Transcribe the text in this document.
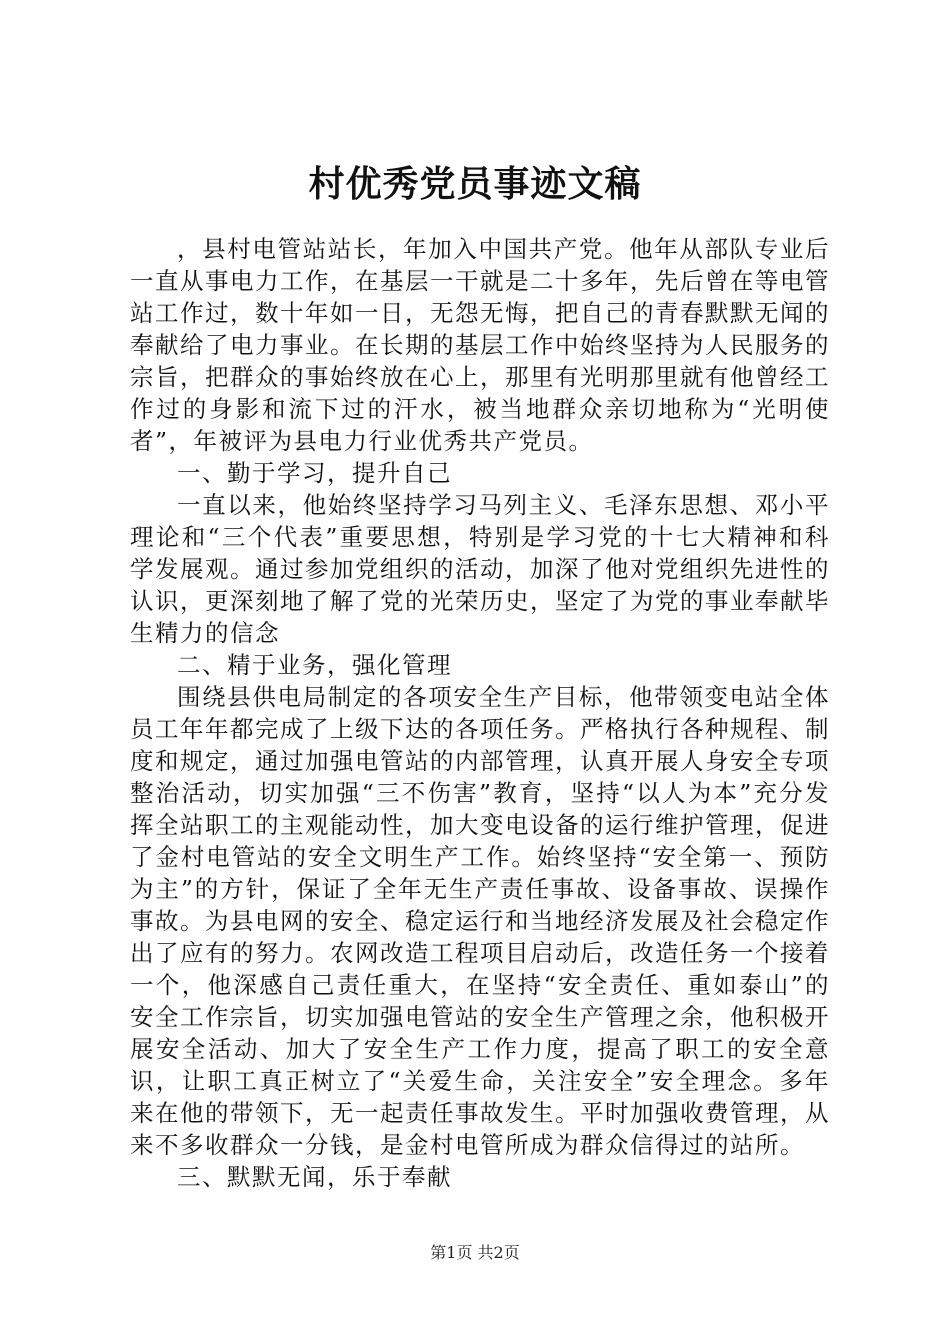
村优秀党员事迹文稿

，县村电管站站长，年加入中国共产党。他年从部队专业后一直从事电力工作，在基层一干就是二十多年，先后曾在等电管站工作过，数十年如一日，无怨无悔，把自己的青春默默无闻的奉献给了电力事业。在长期的基层工作中始终坚持为人民服务的宗旨，把群众的事始终放在心上，那里有光明那里就有他曾经工作过的身影和流下过的汗水，被当地群众亲切地称为“光明使者”，年被评为县电力行业优秀共产党员。

一、勤于学习，提升自己

一直以来，他始终坚持学习马列主义、毛泽东思想、邓小平理论和“三个代表”重要思想，特别是学习党的十七大精神和科学发展观。通过参加党组织的活动，加深了他对党组织先进性的认识，更深刻地了解了党的光荣历史，坚定了为党的事业奉献毕生精力的信念

二、精于业务，强化管理

围绕县供电局制定的各项安全生产目标，他带领变电站全体员工年年都完成了上级下达的各项任务。严格执行各种规程、制度和规定，通过加强电管站的内部管理，认真开展人身安全专项整治活动，切实加强“三不伤害”教育，坚持“以人为本”充分发挥全站职工的主观能动性，加大变电设备的运行维护管理，促进了金村电管站的安全文明生产工作。始终坚持“安全第一、预防为主”的方针，保证了全年无生产责任事故、设备事故、误操作事故。为县电网的安全、稳定运行和当地经济发展及社会稳定作出了应有的努力。农网改造工程项目启动后，改造任务一个接着一个，他深感自己责任重大，在坚持“安全责任、重如泰山”的安全工作宗旨，切实加强电管站的安全生产管理之余，他积极开展安全活动、加大了安全生产工作力度，提高了职工的安全意识，让职工真正树立了“关爱生命，关注安全”安全理念。多年来在他的带领下，无一起责任事故发生。平时加强收费管理，从来不多收群众一分钱，是金村电管所成为群众信得过的站所。

三、默默无闻，乐于奉献

第1页 共2页
